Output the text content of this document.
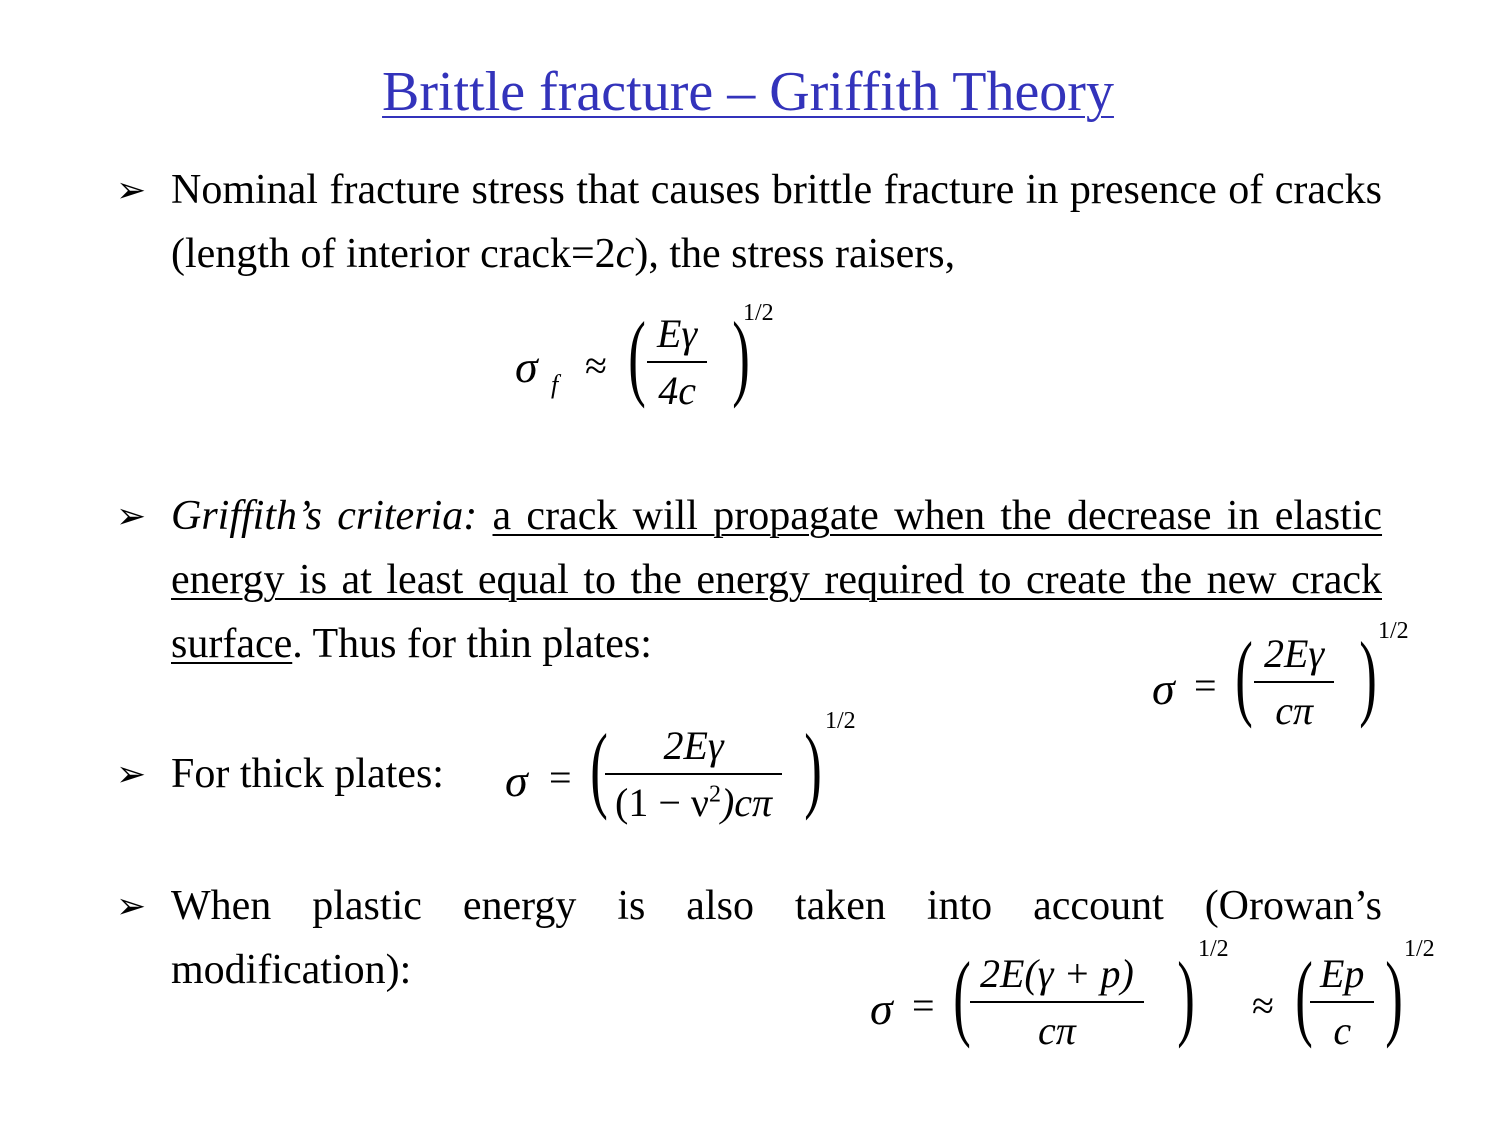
Brittle fracture – Griffith Theory
➢ Nominal fracture stress that causes brittle fracture in presence of cracks (length of interior crack=2c), the stress raisers,
σ f ≈ ( $\frac{E\gamma}{4c}$ )
1/2
➢ Griffith’s criteria: a crack will propagate when the decrease in elastic energy is at least equal to the energy required to create the new crack surface. Thus for thin plates:
σ = ( $\frac{2E\gamma}{c\pi}$ ) 1/2
➢ For thick plates:	σ = (
$\frac{2E\gamma}{(1 - \nu^2)c\pi}$ ) 1/2
➢ When plastic energy is also taken into account (Orowan’s modification):
σ = ( $\frac{2E(\gamma + p)}{c\pi}$ ) 1/2
≈ (
$\frac{Ep}{c}$ ) 1/2
